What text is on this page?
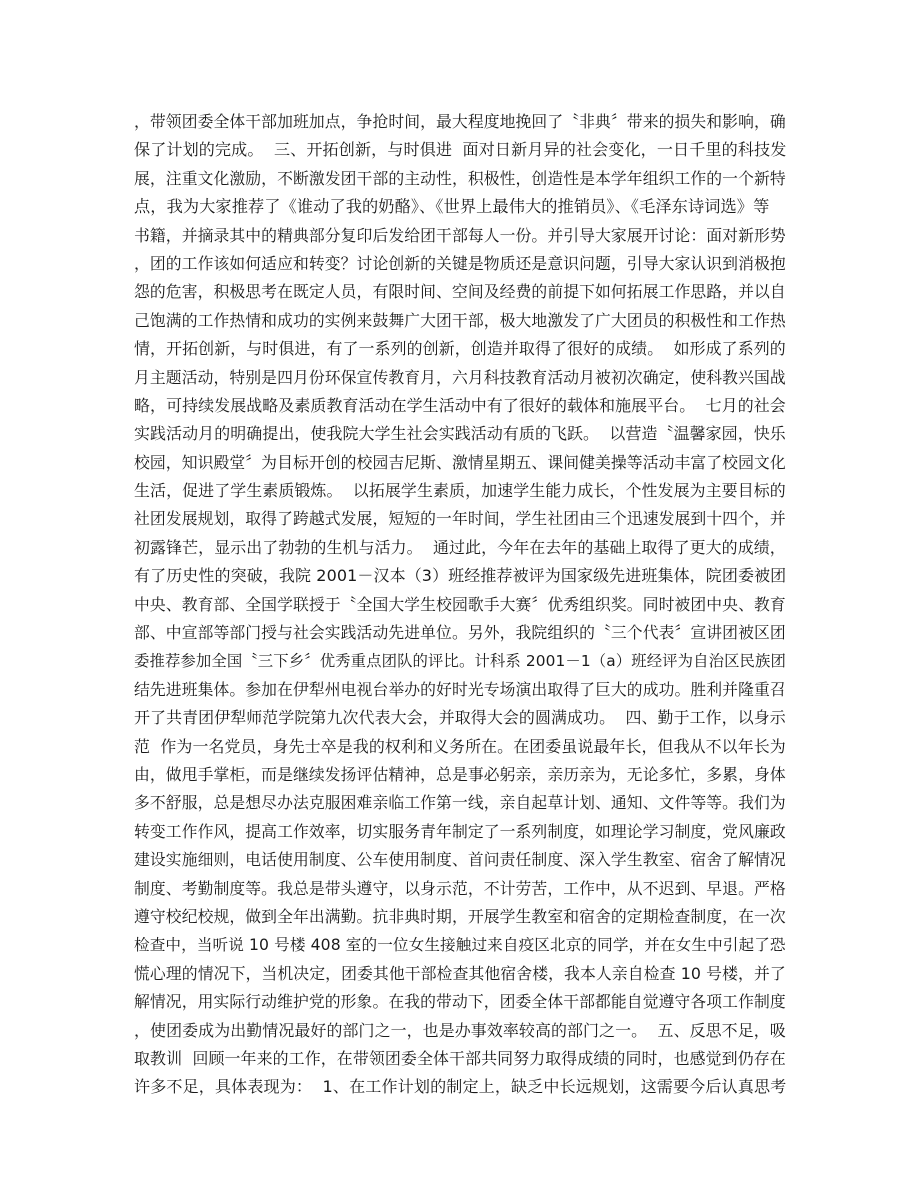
，带领团委全体干部加班加点，争抢时间，最大程度地挽回了〝非典〞带来的损失和影响，确
保了计划的完成。  三、开拓创新，与时俱进  面对日新月异的社会变化，一日千里的科技发
展，注重文化激励，不断激发团干部的主动性，积极性，创造性是本学年组织工作的一个新特
点，我为大家推荐了《谁动了我的奶酪》、《世界上最伟大的推销员》、《毛泽东诗词选》等
书籍，并摘录其中的精典部分复印后发给团干部每人一份。并引导大家展开讨论：面对新形势
，团的工作该如何适应和转变？讨论创新的关键是物质还是意识问题，引导大家认识到消极抱
怨的危害，积极思考在既定人员，有限时间、空间及经费的前提下如何拓展工作思路，并以自
己饱满的工作热情和成功的实例来鼓舞广大团干部，极大地激发了广大团员的积极性和工作热
情，开拓创新，与时俱进，有了一系列的创新，创造并取得了很好的成绩。  如形成了系列的
月主题活动，特别是四月份环保宣传教育月，六月科技教育活动月被初次确定，使科教兴国战
略，可持续发展战略及素质教育活动在学生活动中有了很好的载体和施展平台。  七月的社会
实践活动月的明确提出，使我院大学生社会实践活动有质的飞跃。  以营造〝温馨家园，快乐
校园，知识殿堂〞为目标开创的校园吉尼斯、激情星期五、课间健美操等活动丰富了校园文化
生活，促进了学生素质锻炼。  以拓展学生素质，加速学生能力成长，个性发展为主要目标的
社团发展规划，取得了跨越式发展，短短的一年时间，学生社团由三个迅速发展到十四个，并
初露锋芒，显示出了勃勃的生机与活力。  通过此，今年在去年的基础上取得了更大的成绩，
有了历史性的突破，我院 2001－汉本（3）班经推荐被评为国家级先进班集体，院团委被团
中央、教育部、全国学联授于〝全国大学生校园歌手大赛〞优秀组织奖。同时被团中央、教育
部、中宣部等部门授与社会实践活动先进单位。另外，我院组织的〝三个代表〞宣讲团被区团
委推荐参加全国〝三下乡〞优秀重点团队的评比。计科系 2001－1（a）班经评为自治区民族团
结先进班集体。参加在伊犁州电视台举办的好时光专场演出取得了巨大的成功。胜利并隆重召
开了共青团伊犁师范学院第九次代表大会，并取得大会的圆满成功。  四、勤于工作，以身示
范  作为一名党员，身先士卒是我的权利和义务所在。在团委虽说最年长，但我从不以年长为
由，做甩手掌柜，而是继续发扬评估精神，总是事必躬亲，亲历亲为，无论多忙，多累，身体
多不舒服，总是想尽办法克服困难亲临工作第一线，亲自起草计划、通知、文件等等。我们为
转变工作作风，提高工作效率，切实服务青年制定了一系列制度，如理论学习制度，党风廉政
建设实施细则，电话使用制度、公车使用制度、首问责任制度、深入学生教室、宿舍了解情况
制度、考勤制度等。我总是带头遵守，以身示范，不计劳苦，工作中，从不迟到、早退。严格
遵守校纪校规，做到全年出满勤。抗非典时期，开展学生教室和宿舍的定期检查制度，在一次
检查中，当听说 10 号楼 408 室的一位女生接触过来自疫区北京的同学，并在女生中引起了恐
慌心理的情况下，当机决定，团委其他干部检查其他宿舍楼，我本人亲自检查 10 号楼，并了
解情况，用实际行动维护党的形象。在我的带动下，团委全体干部都能自觉遵守各项工作制度
，使团委成为出勤情况最好的部门之一，也是办事效率较高的部门之一。  五、反思不足，吸
取教训  回顾一年来的工作，在带领团委全体干部共同努力取得成绩的同时，也感觉到仍存在
许多不足，具体表现为：  1、在工作计划的制定上，缺乏中长远规划，这需要今后认真思考
